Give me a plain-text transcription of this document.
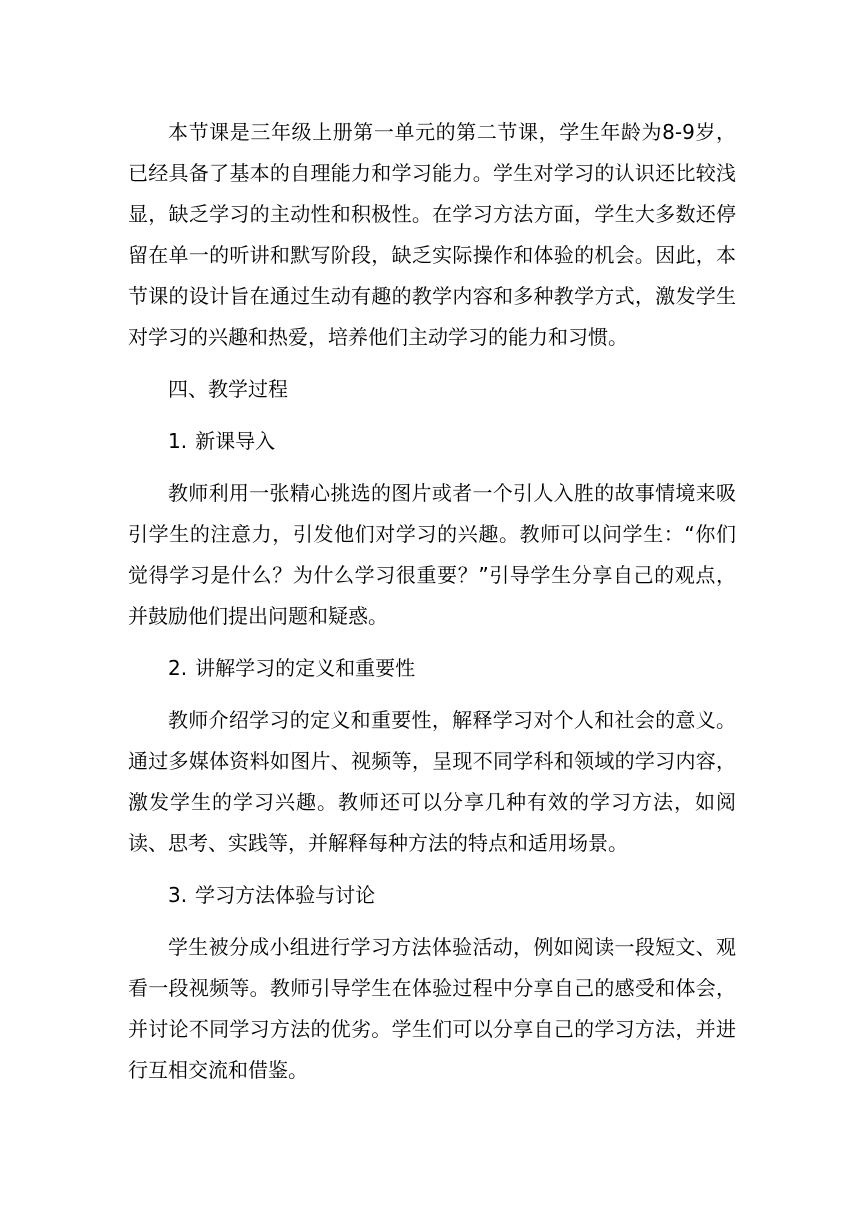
本节课是三年级上册第一单元的第二节课，学生年龄为8-9岁，已经具备了基本的自理能力和学习能力。学生对学习的认识还比较浅显，缺乏学习的主动性和积极性。在学习方法方面，学生大多数还停留在单一的听讲和默写阶段，缺乏实际操作和体验的机会。因此，本节课的设计旨在通过生动有趣的教学内容和多种教学方式，激发学生对学习的兴趣和热爱，培养他们主动学习的能力和习惯。

四、教学过程

1. 新课导入

教师利用一张精心挑选的图片或者一个引人入胜的故事情境来吸引学生的注意力，引发他们对学习的兴趣。教师可以问学生：“你们觉得学习是什么？为什么学习很重要？”引导学生分享自己的观点，并鼓励他们提出问题和疑惑。

2. 讲解学习的定义和重要性

教师介绍学习的定义和重要性，解释学习对个人和社会的意义。通过多媒体资料如图片、视频等，呈现不同学科和领域的学习内容，激发学生的学习兴趣。教师还可以分享几种有效的学习方法，如阅读、思考、实践等，并解释每种方法的特点和适用场景。

3. 学习方法体验与讨论

学生被分成小组进行学习方法体验活动，例如阅读一段短文、观看一段视频等。教师引导学生在体验过程中分享自己的感受和体会，并讨论不同学习方法的优劣。学生们可以分享自己的学习方法，并进行互相交流和借鉴。
